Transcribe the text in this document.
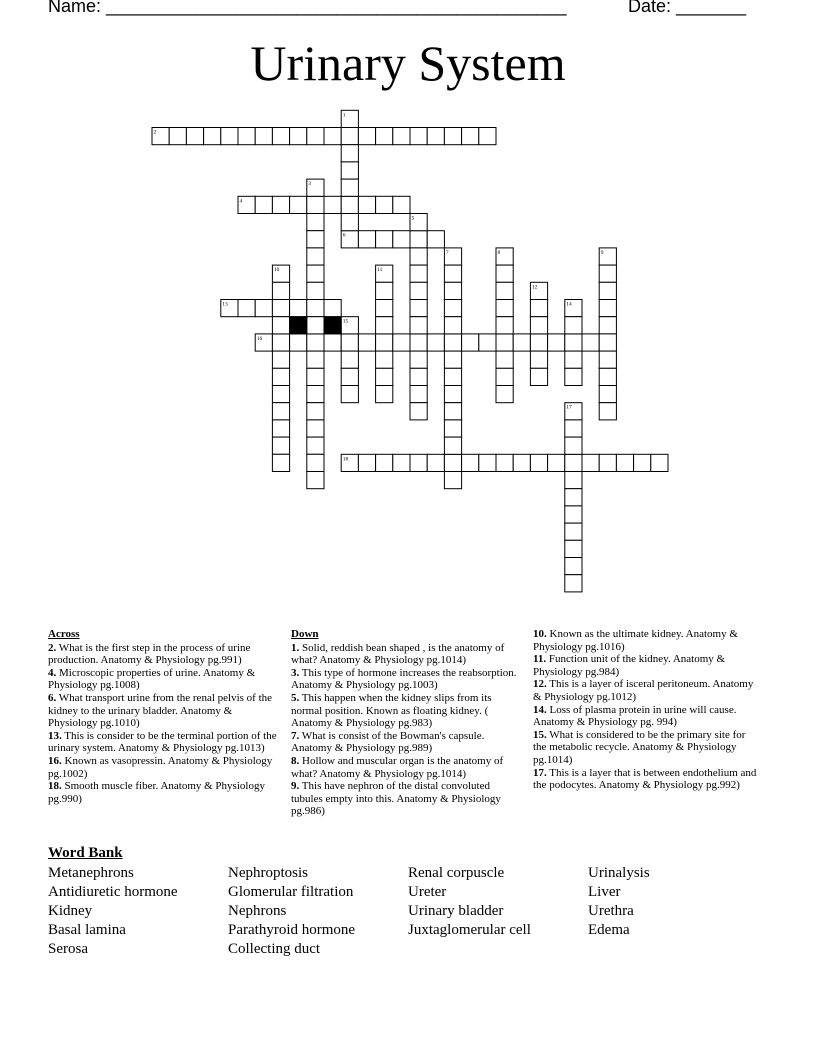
Name: ______________________________________________	Date: _______
Urinary System
1
2
3
4
5
6
7	8	9
10	11
12
13	14
15
16
17
18
Across
2. What is the first step in the process of urine production. Anatomy & Physiology pg.991)
4. Microscopic properties of urine. Anatomy & Physiology pg.1008)
6. What transport urine from the renal pelvis of the kidney to the urinary bladder. Anatomy & Physiology pg.1010)
13. This is consider to be the terminal portion of the urinary system. Anatomy & Physiology pg.1013)
16. Known as vasopressin. Anatomy & Physiology pg.1002)
18. Smooth muscle fiber. Anatomy & Physiology pg.990)
Down
1. Solid, reddish bean shaped , is the anatomy of what? Anatomy & Physiology pg.1014)
3. This type of hormone increases the reabsorption. Anatomy & Physiology pg.1003)
5. This happen when the kidney slips from its normal position. Known as floating kidney. ( Anatomy & Physiology pg.983)
7. What is consist of the Bowman's capsule. Anatomy & Physiology pg.989)
8. Hollow and muscular organ is the anatomy of what? Anatomy & Physiology pg.1014)
9. This have nephron of the distal convoluted tubules empty into this. Anatomy & Physiology pg.986)
10. Known as the ultimate kidney. Anatomy & Physiology pg.1016)
11. Function unit of the kidney. Anatomy & Physiology pg.984)
12. This is a layer of isceral peritoneum. Anatomy & Physiology pg.1012)
14. Loss of plasma protein in urine will cause. Anatomy & Physiology pg. 994)
15. What is considered to be the primary site for the metabolic recycle. Anatomy & Physiology pg.1014)
17. This is a layer that is between endothelium and the podocytes. Anatomy & Physiology pg.992)
Word Bank
Metanephrons
Antidiuretic hormone
Kidney
Basal lamina
Serosa
Nephroptosis
Glomerular filtration
Nephrons
Parathyroid hormone
Collecting duct
Renal corpuscle
Ureter
Urinary bladder
Juxtaglomerular cell
Urinalysis
Liver
Urethra
Edema
